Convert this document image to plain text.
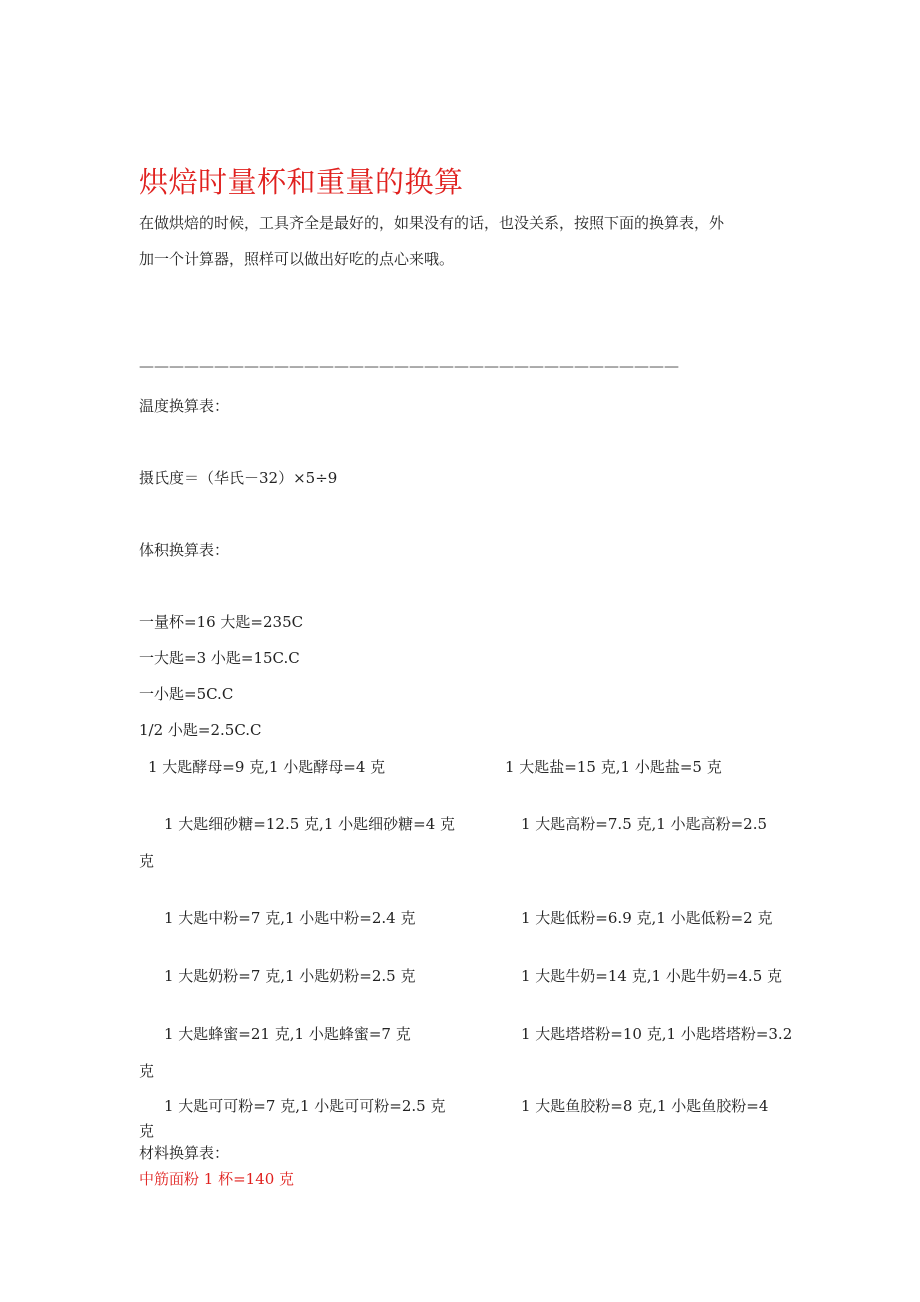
烘焙时量杯和重量的换算
在做烘焙的时候，工具齐全是最好的，如果没有的话，也没关系，按照下面的换算表，外
加一个计算器，照样可以做出好吃的点心来哦。
————————————————————————————————————
温度换算表：
摄氏度＝（华氏－32）×5÷9
体积换算表：
一量杯=16 大匙=235C
一大匙=3 小匙=15C.C
一小匙=5C.C
1/2 小匙=2.5C.C
1 大匙酵母=9 克,1 小匙酵母=4 克	1 大匙盐=15 克,1 小匙盐=5 克
1 大匙细砂糖=12.5 克,1 小匙细砂糖=4 克	1 大匙高粉=7.5 克,1 小匙高粉=2.5
克
1 大匙中粉=7 克,1 小匙中粉=2.4 克	1 大匙低粉=6.9 克,1 小匙低粉=2 克
1 大匙奶粉=7 克,1 小匙奶粉=2.5 克	1 大匙牛奶=14 克,1 小匙牛奶=4.5 克
1 大匙蜂蜜=21 克,1 小匙蜂蜜=7 克	1 大匙塔塔粉=10 克,1 小匙塔塔粉=3.2
克
1 大匙可可粉=7 克,1 小匙可可粉=2.5 克	1 大匙鱼胶粉=8 克,1 小匙鱼胶粉=4
克
材料换算表：
中筋面粉 1 杯=140 克
